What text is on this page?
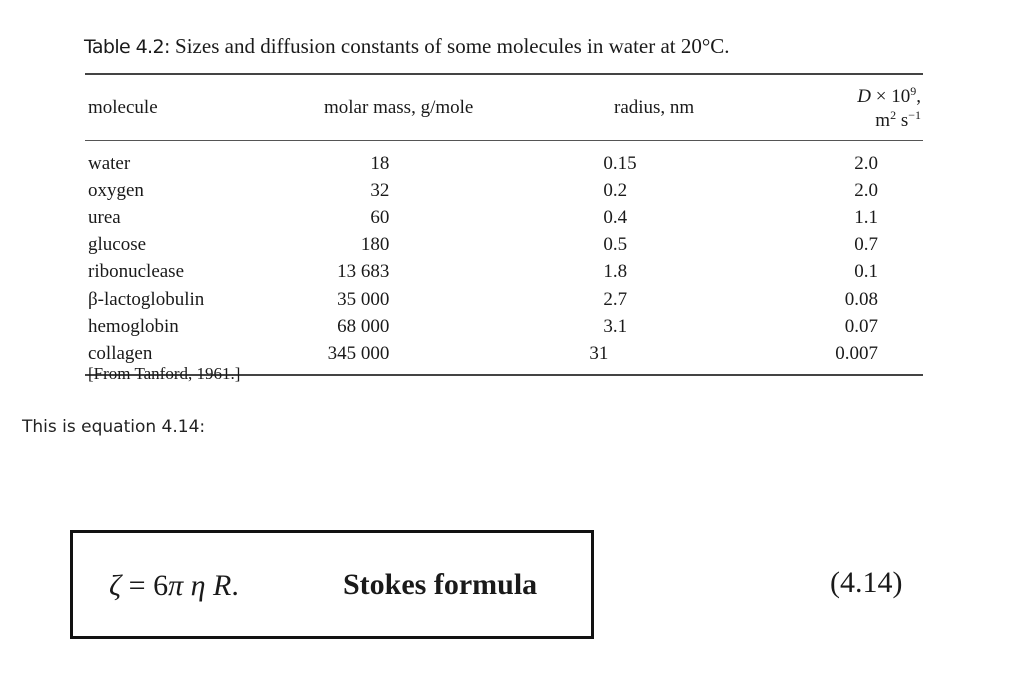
Table 4.2: Sizes and diffusion constants of some molecules in water at 20°C.
molecule	molar mass, g/mole	radius, nm	$D \times 10^9$, $m^2$ $s^{-1}$
water	18	0.15	2.0
oxygen	32	0.2	2.0
urea	60	0.4	1.1
glucose	180	0.5	0.7
ribonuclease	13 683	1.8	0.1
β-lactoglobulin	35 000	2.7	0.08
hemoglobin	68 000	3.1	0.07
collagen	345 000	31	0.007
[From Tanford, 1961.]
This is equation 4.14:
ζ = 6π η R.	Stokes formula	(4.14)
